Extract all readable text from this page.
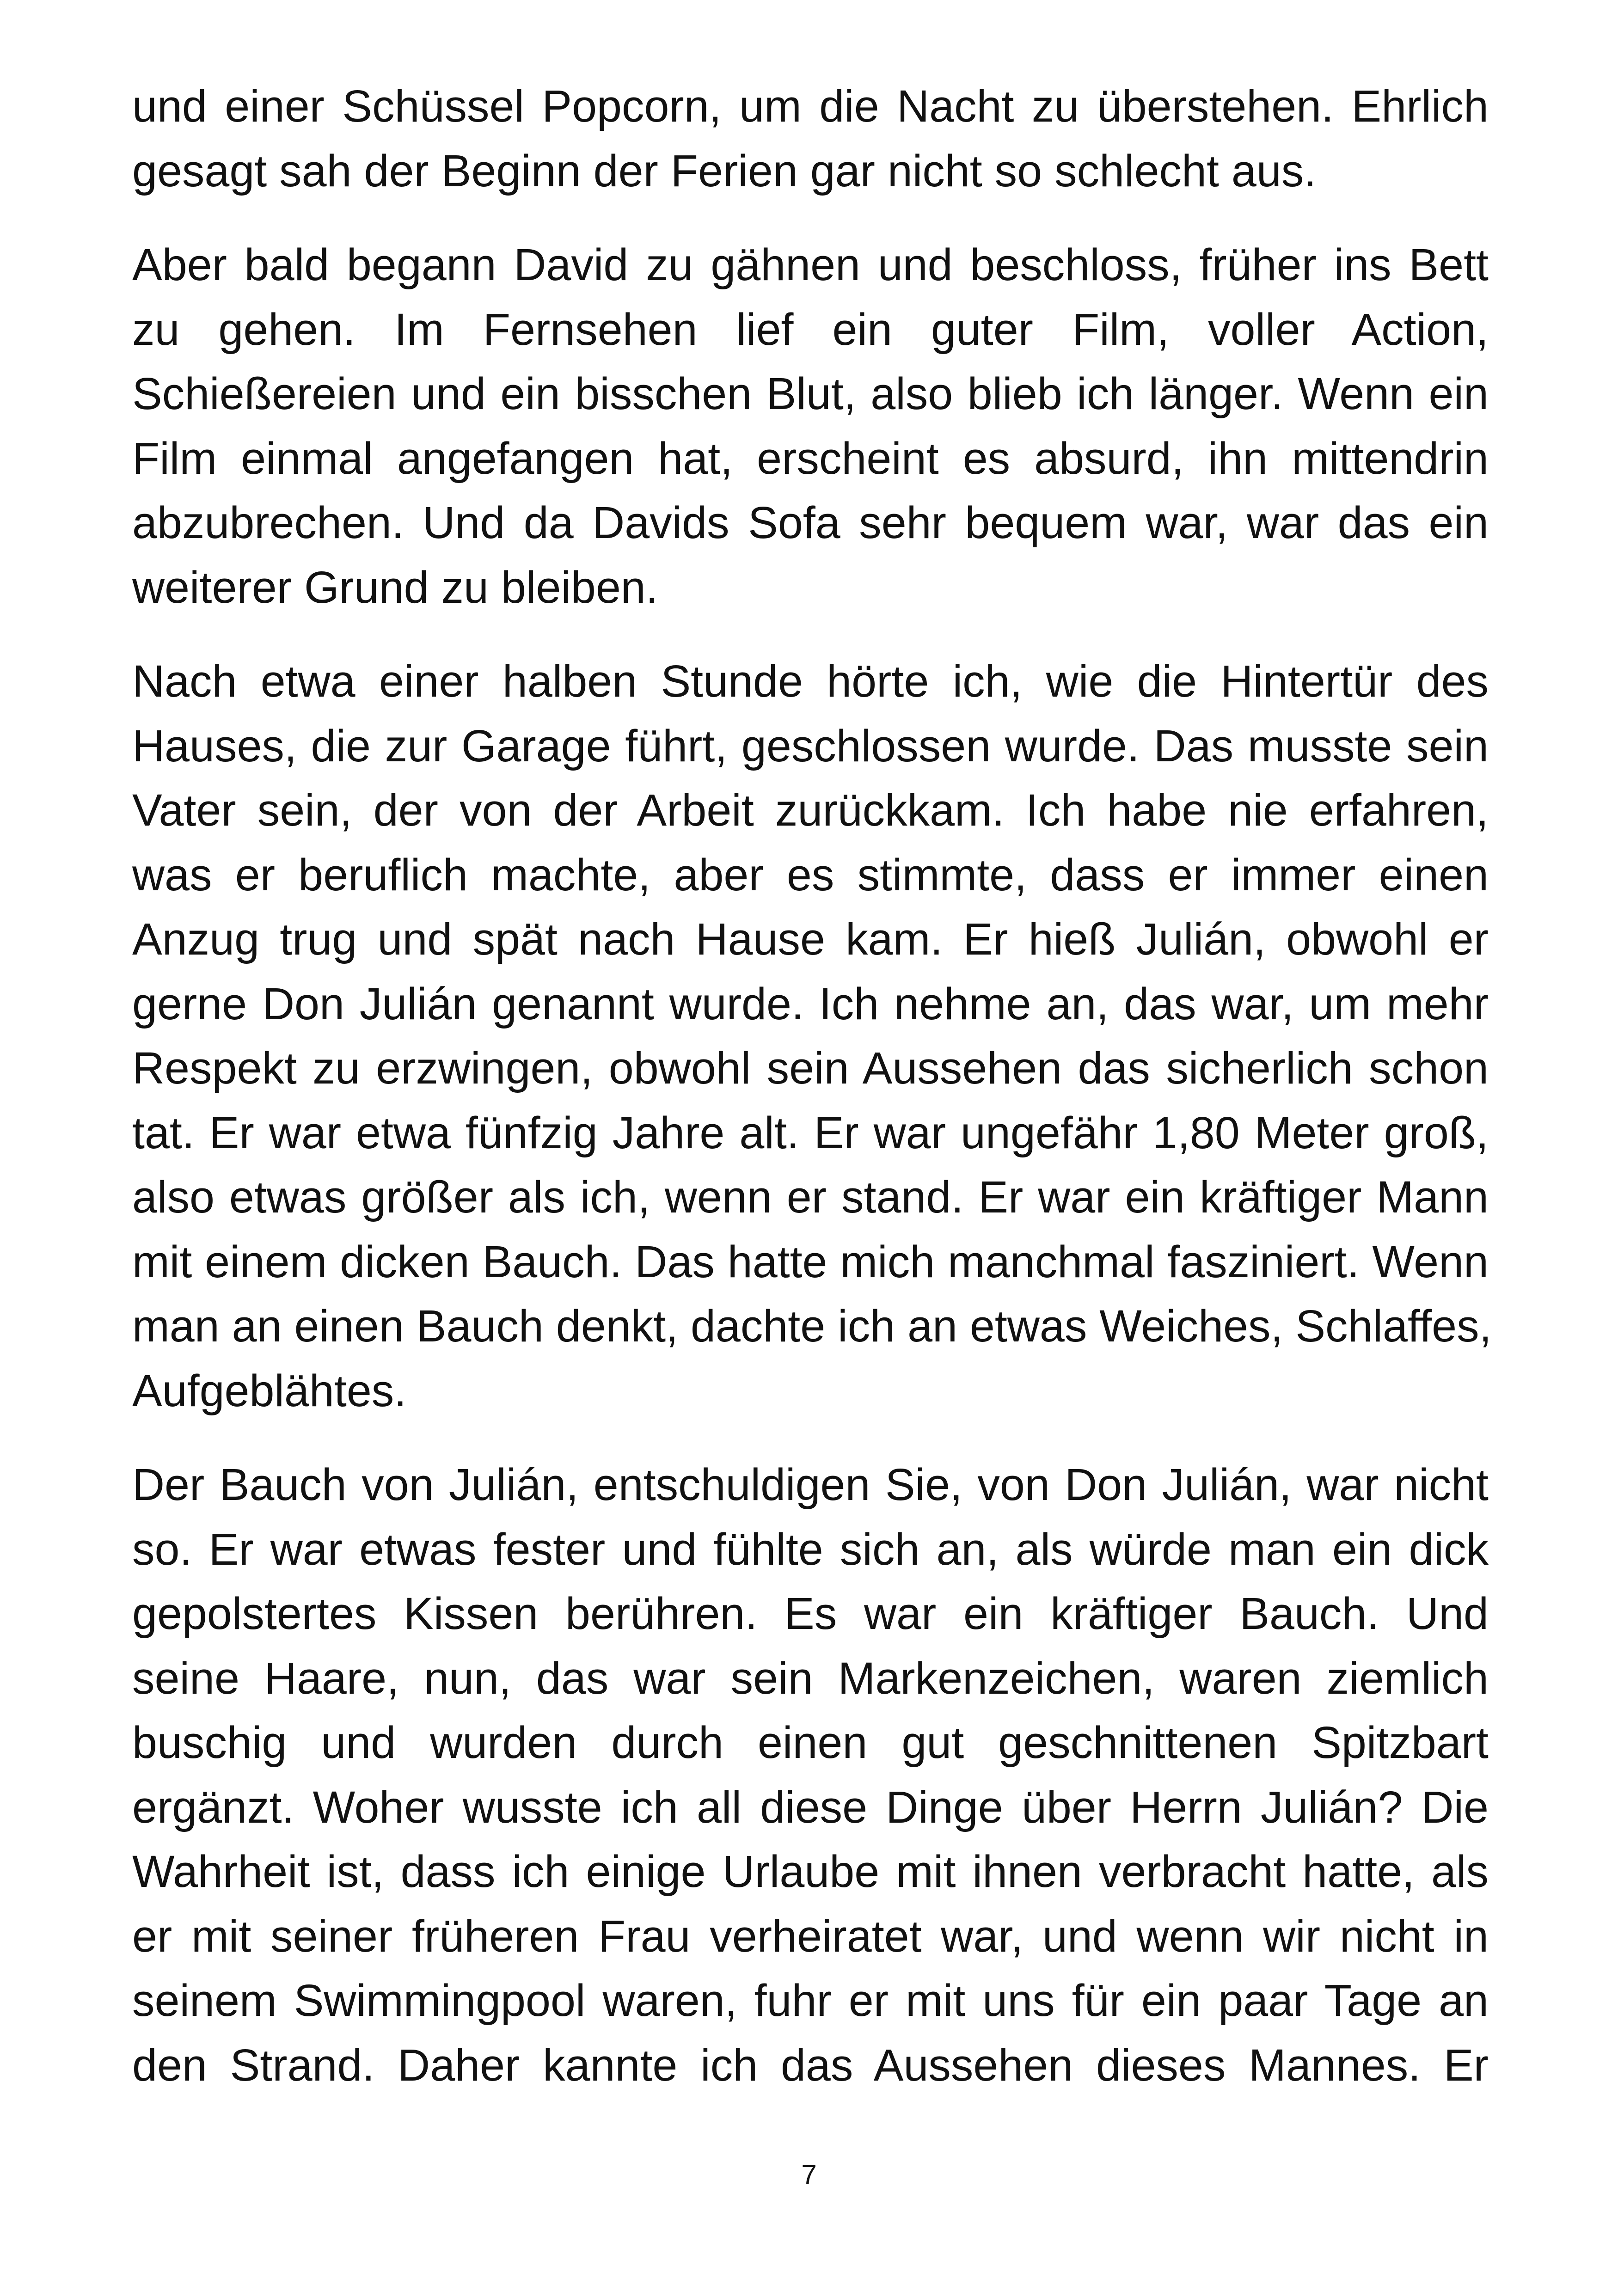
und einer Schüssel Popcorn, um die Nacht zu überstehen. Ehrlich
gesagt sah der Beginn der Ferien gar nicht so schlecht aus.

Aber bald begann David zu gähnen und beschloss, früher ins Bett
zu gehen. Im Fernsehen lief ein guter Film, voller Action,
Schießereien und ein bisschen Blut, also blieb ich länger. Wenn ein
Film einmal angefangen hat, erscheint es absurd, ihn mittendrin
abzubrechen. Und da Davids Sofa sehr bequem war, war das ein
weiterer Grund zu bleiben.

Nach etwa einer halben Stunde hörte ich, wie die Hintertür des
Hauses, die zur Garage führt, geschlossen wurde. Das musste sein
Vater sein, der von der Arbeit zurückkam. Ich habe nie erfahren,
was er beruflich machte, aber es stimmte, dass er immer einen
Anzug trug und spät nach Hause kam. Er hieß Julián, obwohl er
gerne Don Julián genannt wurde. Ich nehme an, das war, um mehr
Respekt zu erzwingen, obwohl sein Aussehen das sicherlich schon
tat. Er war etwa fünfzig Jahre alt. Er war ungefähr 1,80 Meter groß,
also etwas größer als ich, wenn er stand. Er war ein kräftiger Mann
mit einem dicken Bauch. Das hatte mich manchmal fasziniert. Wenn
man an einen Bauch denkt, dachte ich an etwas Weiches, Schlaffes,
Aufgeblähtes.

Der Bauch von Julián, entschuldigen Sie, von Don Julián, war nicht
so. Er war etwas fester und fühlte sich an, als würde man ein dick
gepolstertes Kissen berühren. Es war ein kräftiger Bauch. Und
seine Haare, nun, das war sein Markenzeichen, waren ziemlich
buschig und wurden durch einen gut geschnittenen Spitzbart
ergänzt. Woher wusste ich all diese Dinge über Herrn Julián? Die
Wahrheit ist, dass ich einige Urlaube mit ihnen verbracht hatte, als
er mit seiner früheren Frau verheiratet war, und wenn wir nicht in
seinem Swimmingpool waren, fuhr er mit uns für ein paar Tage an
den Strand. Daher kannte ich das Aussehen dieses Mannes. Er

7
